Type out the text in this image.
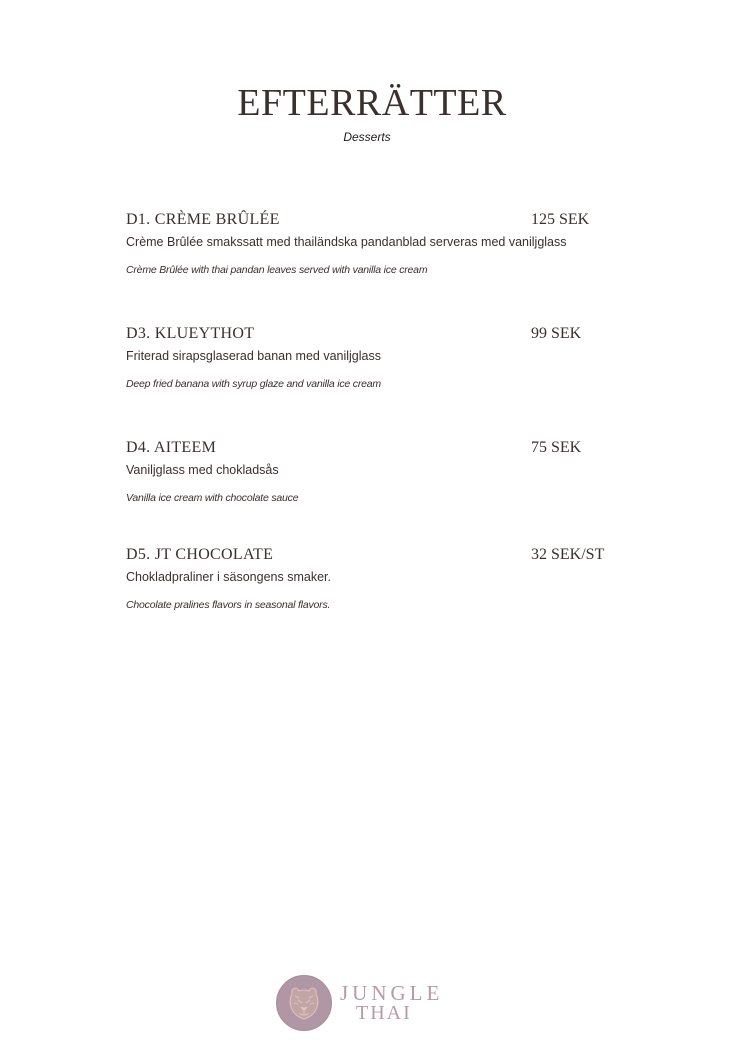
EFTERRÄTTER
Desserts
D1. CRÈME BRÛLÉE	125 SEK
Crème Brûlée smakssatt med thailändska pandanblad serveras med vaniljglass
Crème Brûlée with thai pandan leaves served with vanilla ice cream
D3. KLUEYTHOT	99 SEK
Friterad sirapsglaserad banan med vaniljglass
Deep fried banana with syrup glaze and vanilla ice cream
D4. AITEEM	75 SEK
Vaniljglass med chokladsås
Vanilla ice cream with chocolate sauce
D5. JT CHOCOLATE	32 SEK/ST
Chokladpraliner i säsongens smaker.
Chocolate pralines flavors in seasonal flavors.
JUNGLE
THAI
